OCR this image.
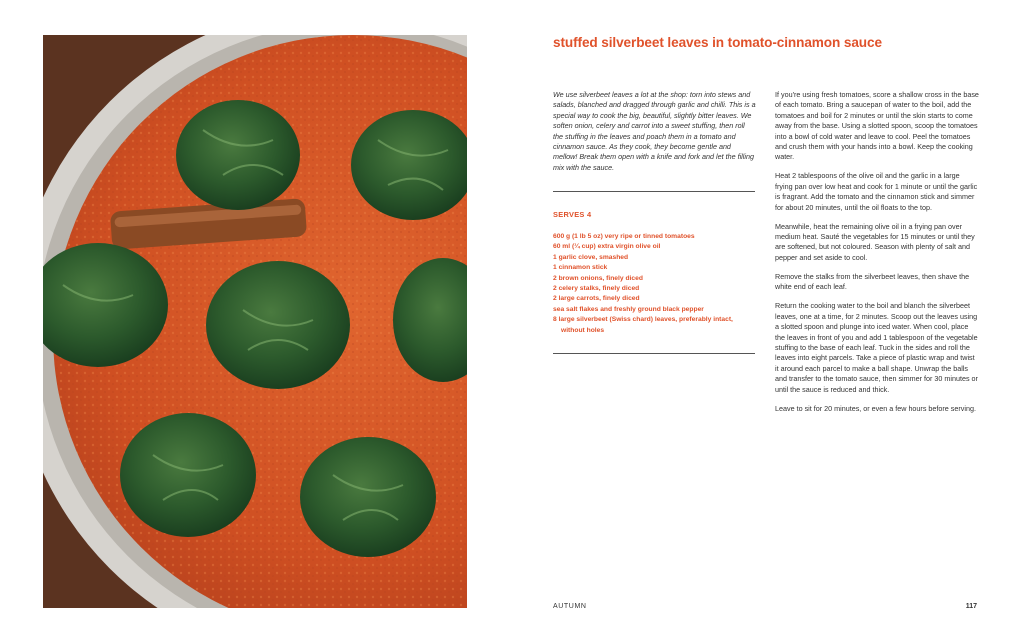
stuffed silverbeet leaves in tomato-cinnamon sauce
We use silverbeet leaves a lot at the shop: torn into stews and salads, blanched and dragged through garlic and chilli. This is a special way to cook the big, beautiful, slightly bitter leaves. We soften onion, celery and carrot into a sweet stuffing, then roll the stuffing in the leaves and poach them in a tomato and cinnamon sauce. As they cook, they become gentle and mellow! Break them open with a knife and fork and let the filling mix with the sauce.
SERVES 4
600 g (1 lb 5 oz) very ripe or tinned tomatoes
60 ml (¼ cup) extra virgin olive oil
1 garlic clove, smashed
1 cinnamon stick
2 brown onions, finely diced
2 celery stalks, finely diced
2 large carrots, finely diced
sea salt flakes and freshly ground black pepper
8 large silverbeet (Swiss chard) leaves, preferably intact, without holes

If you're using fresh tomatoes, score a shallow cross in the base of each tomato. Bring a saucepan of water to the boil, add the tomatoes and boil for 2 minutes or until the skin starts to come away from the base. Using a slotted spoon, scoop the tomatoes into a bowl of cold water and leave to cool. Peel the tomatoes and crush them with your hands into a bowl. Keep the cooking water.

Heat 2 tablespoons of the olive oil and the garlic in a large frying pan over low heat and cook for 1 minute or until the garlic is fragrant. Add the tomato and the cinnamon stick and simmer for about 20 minutes, until the oil floats to the top.

Meanwhile, heat the remaining olive oil in a frying pan over medium heat. Sauté the vegetables for 15 minutes or until they are softened, but not coloured. Season with plenty of salt and pepper and set aside to cool.

Remove the stalks from the silverbeet leaves, then shave the white end of each leaf.

Return the cooking water to the boil and blanch the silverbeet leaves, one at a time, for 2 minutes. Scoop out the leaves using a slotted spoon and plunge into iced water. When cool, place the leaves in front of you and add 1 tablespoon of the vegetable stuffing to the base of each leaf. Tuck in the sides and roll the leaves into eight parcels. Take a piece of plastic wrap and twist it around each parcel to make a ball shape. Unwrap the balls and transfer to the tomato sauce, then simmer for 30 minutes or until the sauce is reduced and thick.

Leave to sit for 20 minutes, or even a few hours before serving.

AUTUMN	117
